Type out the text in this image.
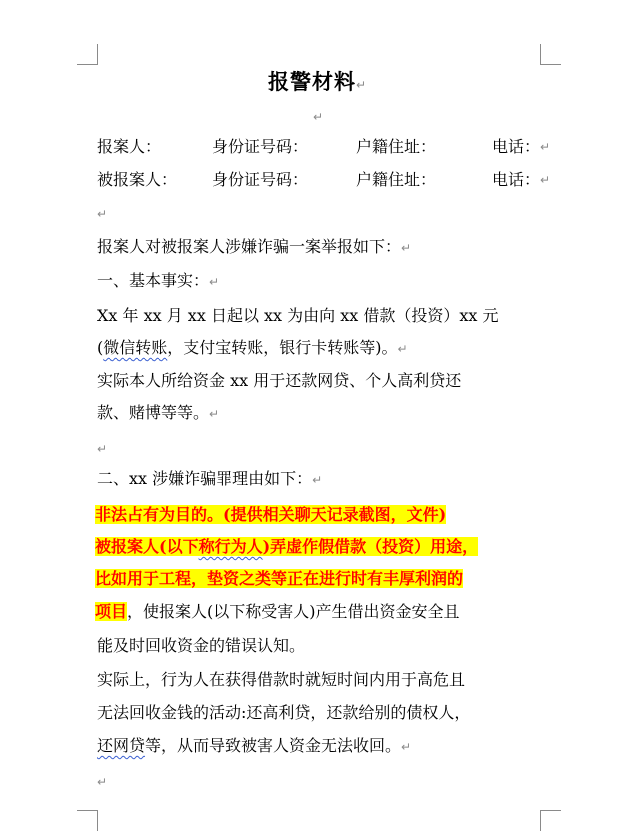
报警材料↵
↵
报案人：	身份证号码：	户籍住址：	电话： ↵
被报案人： 身份证号码：	户籍住址：	电话： ↵
↵
报案人对被报案人涉嫌诈骗一案举报如下：↵
一、基本事实：↵
Xx 年 xx 月 xx 日起以 xx 为由向 xx 借款（投资）xx 元
(微信转账，支付宝转账，银行卡转账等)。↵
实际本人所给资金 xx 用于还款网贷、个人高利贷还
款、赌博等等。↵
↵
二、xx 涉嫌诈骗罪理由如下：↵
非法占有为目的。(提供相关聊天记录截图，文件)
被报案人(以下称行为人)弄虚作假借款（投资）用途，
比如用于工程，垫资之类等正在进行时有丰厚利润的
项目，使报案人(以下称受害人)产生借出资金安全且
能及时回收资金的错误认知。
实际上，行为人在获得借款时就短时间内用于高危且
无法回收金钱的活动:还高利贷，还款给别的债权人，
还网贷等，从而导致被害人资金无法收回。↵
↵
